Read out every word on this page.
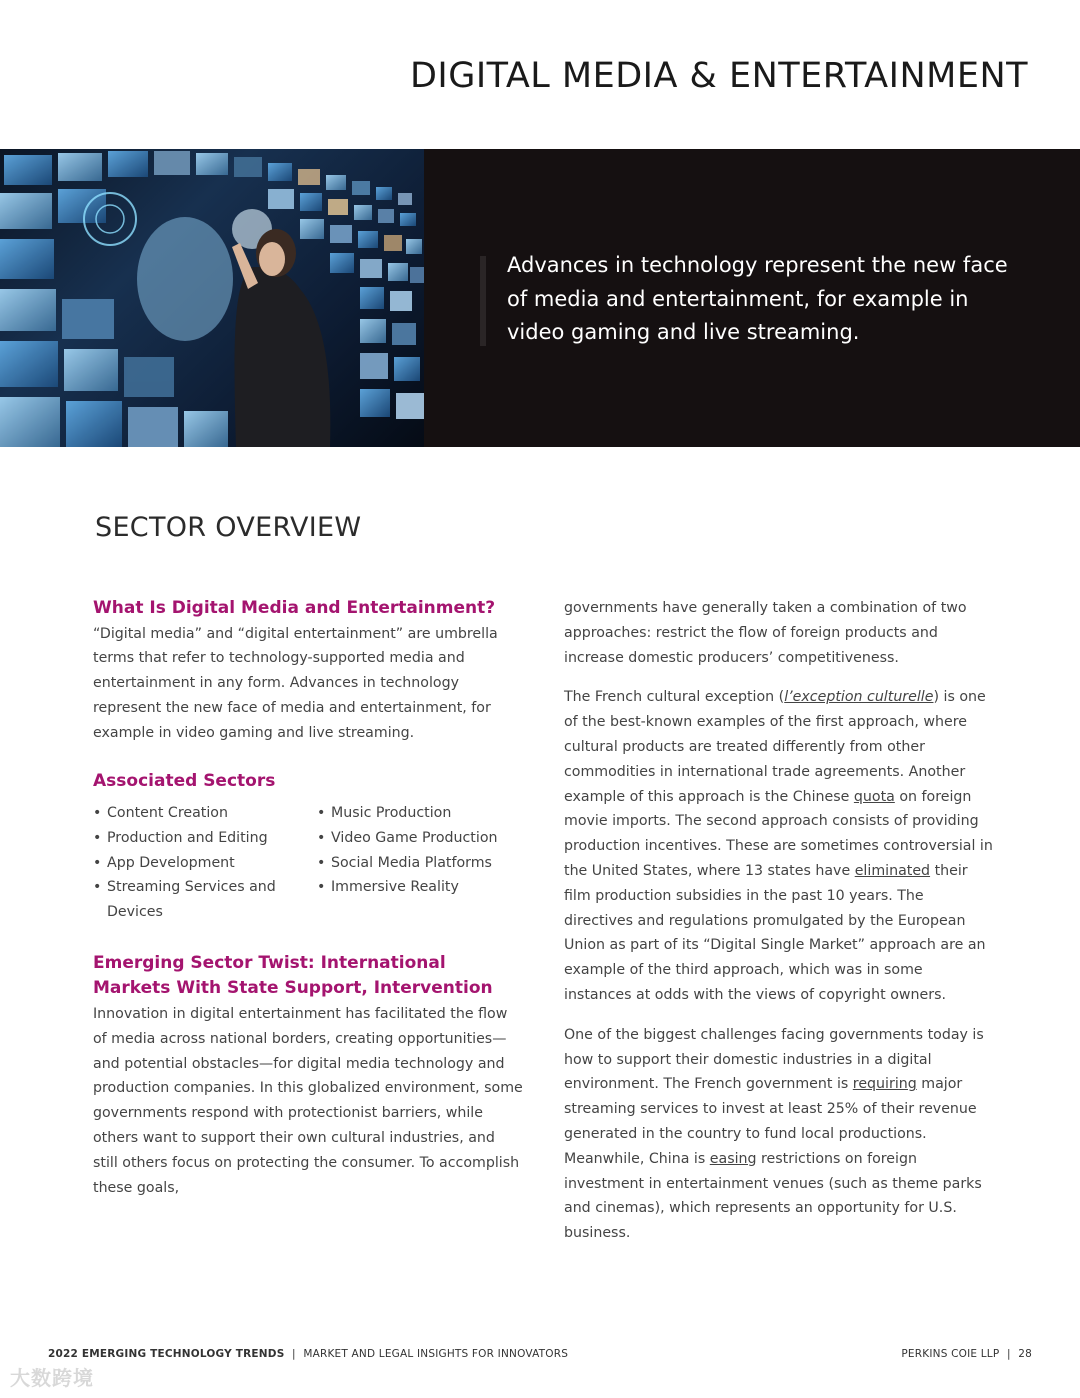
DIGITAL MEDIA & ENTERTAINMENT

Advances in technology represent the new face of media and entertainment, for example in video gaming and live streaming.

SECTOR OVERVIEW
What Is Digital Media and Entertainment?

“Digital media” and “digital entertainment” are umbrella terms that refer to technology-supported media and entertainment in any form. Advances in technology represent the new face of media and entertainment, for example in video gaming and live streaming.

Associated Sectors
• Content Creation
• Production and Editing
• App Development
• Streaming Services and Devices
• Music Production
• Video Game Production
• Social Media Platforms
• Immersive Reality
Emerging Sector Twist: International Markets With State Support, Intervention

Innovation in digital entertainment has facilitated the flow of media across national borders, creating opportunities—and potential obstacles—for digital media technology and production companies. In this globalized environment, some governments respond with protectionist barriers, while others want to support their own cultural industries, and still others focus on protecting the consumer. To accomplish these goals,

governments have generally taken a combination of two approaches: restrict the flow of foreign products and increase domestic producers’ competitiveness.

The French cultural exception (l’exception culturelle) is one of the best-known examples of the first approach, where cultural products are treated differently from other commodities in international trade agreements. Another example of this approach is the Chinese quota on foreign movie imports. The second approach consists of providing production incentives. These are sometimes controversial in the United States, where 13 states have eliminated their film production subsidies in the past 10 years. The directives and regulations promulgated by the European Union as part of its “Digital Single Market” approach are an example of the third approach, which was in some instances at odds with the views of copyright owners.

One of the biggest challenges facing governments today is how to support their domestic industries in a digital environment. The French government is requiring major streaming services to invest at least 25% of their revenue generated in the country to fund local productions. Meanwhile, China is easing restrictions on foreign investment in entertainment venues (such as theme parks and cinemas), which represents an opportunity for U.S. business.

2022 EMERGING TECHNOLOGY TRENDS | MARKET AND LEGAL INSIGHTS FOR INNOVATORS	PERKINS COIE LLP | 28
大数跨境
